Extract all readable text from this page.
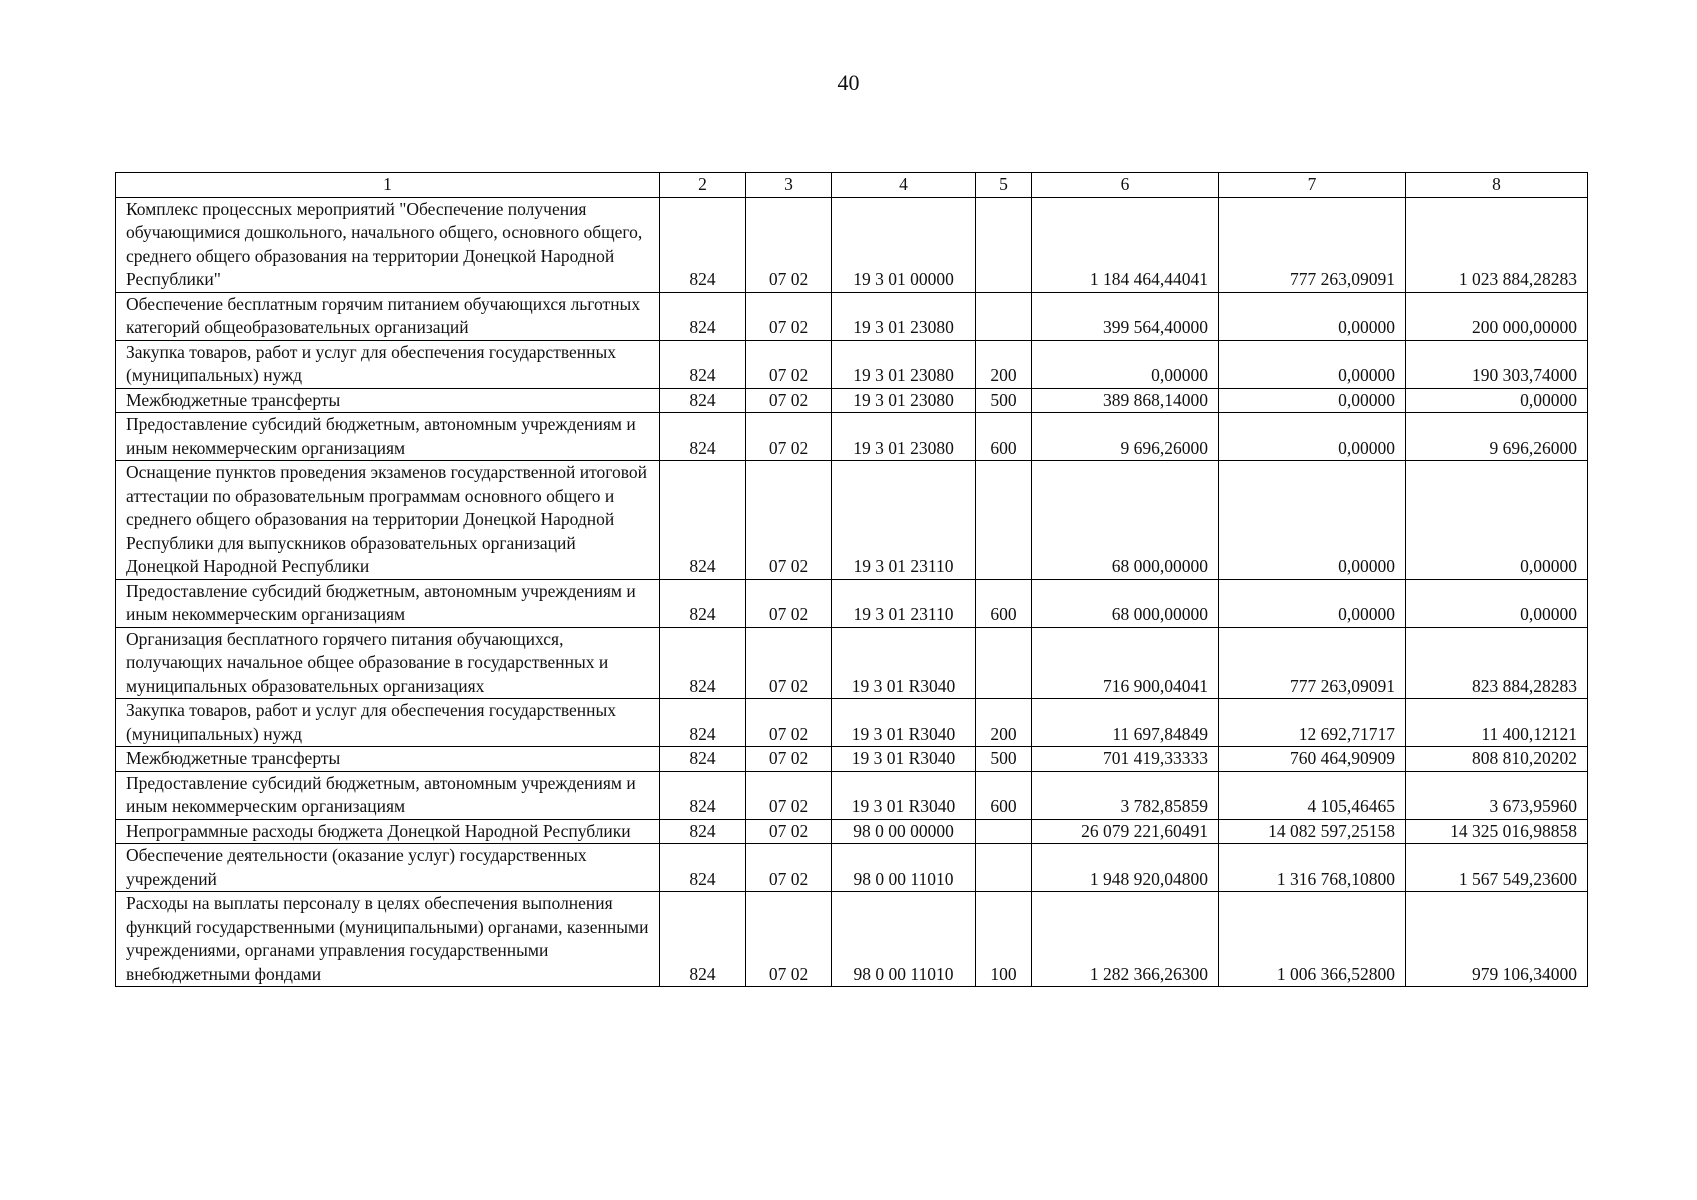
40
1	2	3	4	5	6	7	8
Комплекс процессных мероприятий "Обеспечение получения обучающимися дошкольного, начального общего, основного общего, среднего общего образования на территории Донецкой Народной Республики"	824	07 02	19 3 01 00000		1 184 464,44041	777 263,09091	1 023 884,28283
Обеспечение бесплатным горячим питанием обучающихся льготных категорий общеобразовательных организаций	824	07 02	19 3 01 23080		399 564,40000	0,00000	200 000,00000
Закупка товаров, работ и услуг для обеспечения государственных (муниципальных) нужд	824	07 02	19 3 01 23080	200	0,00000	0,00000	190 303,74000
Межбюджетные трансферты	824	07 02	19 3 01 23080	500	389 868,14000	0,00000	0,00000
Предоставление субсидий бюджетным, автономным учреждениям и иным некоммерческим организациям	824	07 02	19 3 01 23080	600	9 696,26000	0,00000	9 696,26000
Оснащение пунктов проведения экзаменов государственной итоговой аттестации по образовательным программам основного общего и среднего общего образования на территории Донецкой Народной Республики для выпускников образовательных организаций Донецкой Народной Республики	824	07 02	19 3 01 23110		68 000,00000	0,00000	0,00000
Предоставление субсидий бюджетным, автономным учреждениям и иным некоммерческим организациям	824	07 02	19 3 01 23110	600	68 000,00000	0,00000	0,00000
Организация бесплатного горячего питания обучающихся, получающих начальное общее образование в государственных и муниципальных образовательных организациях	824	07 02	19 3 01 R3040		716 900,04041	777 263,09091	823 884,28283
Закупка товаров, работ и услуг для обеспечения государственных (муниципальных) нужд	824	07 02	19 3 01 R3040	200	11 697,84849	12 692,71717	11 400,12121
Межбюджетные трансферты	824	07 02	19 3 01 R3040	500	701 419,33333	760 464,90909	808 810,20202
Предоставление субсидий бюджетным, автономным учреждениям и иным некоммерческим организациям	824	07 02	19 3 01 R3040	600	3 782,85859	4 105,46465	3 673,95960
Непрограммные расходы бюджета Донецкой Народной Республики	824	07 02	98 0 00 00000		26 079 221,60491	14 082 597,25158	14 325 016,98858
Обеспечение деятельности (оказание услуг) государственных учреждений	824	07 02	98 0 00 11010		1 948 920,04800	1 316 768,10800	1 567 549,23600
Расходы на выплаты персоналу в целях обеспечения выполнения функций государственными (муниципальными) органами, казенными учреждениями, органами управления государственными внебюджетными фондами	824	07 02	98 0 00 11010	100	1 282 366,26300	1 006 366,52800	979 106,34000
